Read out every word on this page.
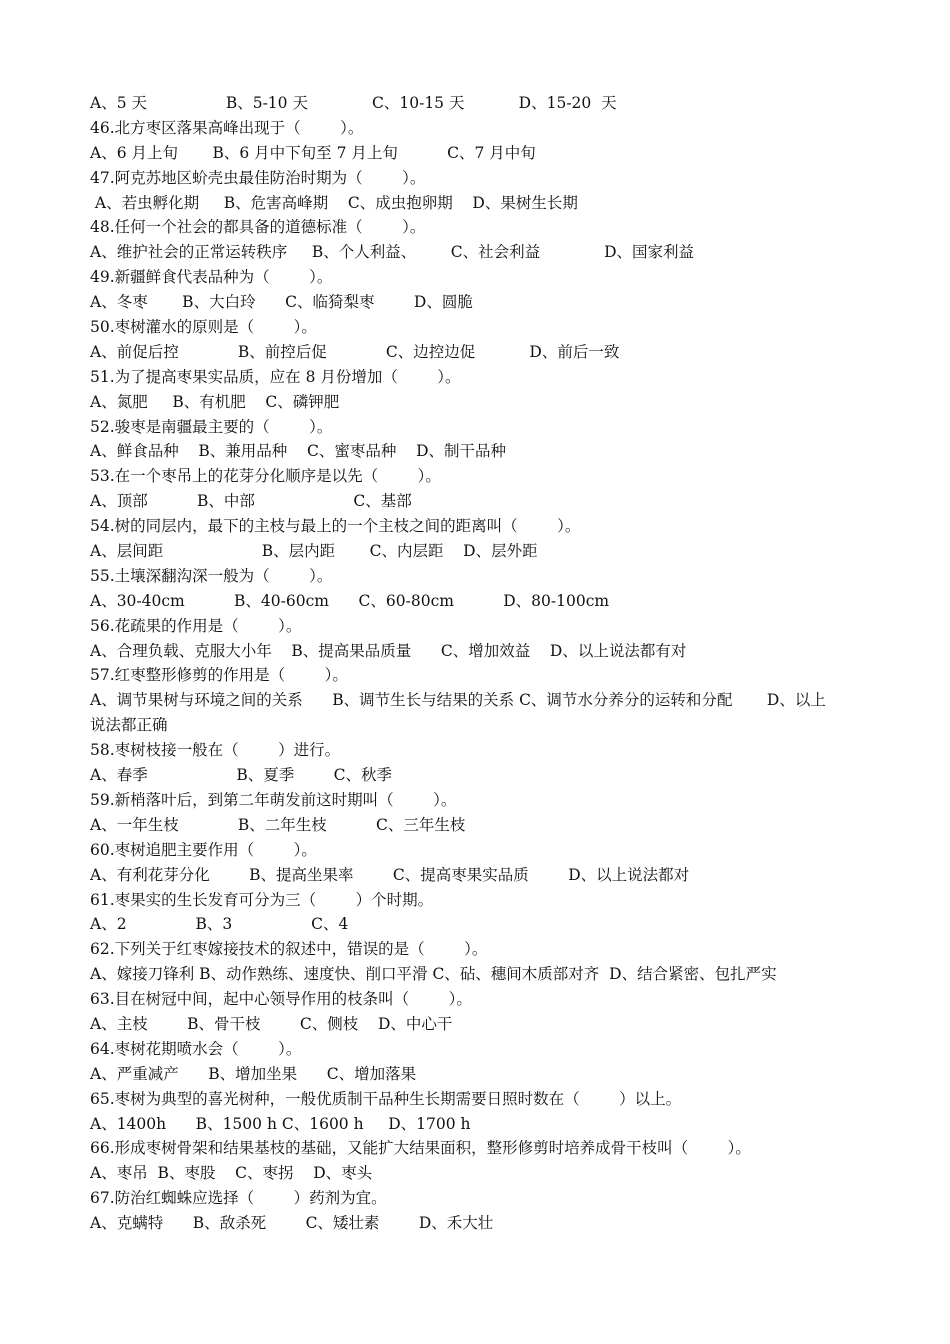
A、5 天                B、5-10 天             C、10-15 天           D、15-20  天
46.北方枣区落果高峰出现于（        ）。
A、6 月上旬       B、6 月中下旬至 7 月上旬          C、7 月中旬
47.阿克苏地区蚧壳虫最佳防治时期为（        ）。
A、若虫孵化期     B、危害高峰期    C、成虫抱卵期    D、果树生长期
48.任何一个社会的都具备的道德标准（        ）。
A、维护社会的正常运转秩序     B、个人利益、       C、社会利益             D、国家利益
49.新疆鲜食代表品种为（        ）。
A、冬枣       B、大白玲      C、临猗梨枣        D、圆脆
50.枣树灌水的原则是（        ）。
A、前促后控            B、前控后促            C、边控边促           D、前后一致
51.为了提高枣果实品质，应在 8 月份增加（        ）。
A、氮肥     B、有机肥    C、磷钾肥
52.骏枣是南疆最主要的（        ）。
A、鲜食品种    B、兼用品种    C、蜜枣品种    D、制干品种
53.在一个枣吊上的花芽分化顺序是以先（        ）。
A、顶部          B、中部                    C、基部
54.树的同层内，最下的主枝与最上的一个主枝之间的距离叫（        ）。
A、层间距                    B、层内距       C、内层距    D、层外距
55.土壤深翻沟深一般为（        ）。
A、30-40cm          B、40-60cm      C、60-80cm          D、80-100cm
56.花疏果的作用是（        ）。
A、合理负载、克服大小年    B、提高果品质量      C、增加效益    D、以上说法都有对
57.红枣整形修剪的作用是（        ）。
A、调节果树与环境之间的关系      B、调节生长与结果的关系 C、调节水分养分的运转和分配       D、以上
说法都正确
58.枣树枝接一般在（        ）进行。
A、春季                  B、夏季        C、秋季
59.新梢落叶后，到第二年萌发前这时期叫（        ）。
A、一年生枝            B、二年生枝          C、三年生枝
60.枣树追肥主要作用（        ）。
A、有利花芽分化        B、提高坐果率        C、提高枣果实品质        D、以上说法都对
61.枣果实的生长发育可分为三（        ）个时期。
A、2              B、3                C、4
62.下列关于红枣嫁接技术的叙述中，错误的是（        ）。
A、嫁接刀锋利 B、动作熟练、速度快、削口平滑 C、砧、穗间木质部对齐  D、结合紧密、包扎严实
63.目在树冠中间，起中心领导作用的枝条叫（        ）。
A、主枝        B、骨干枝        C、侧枝    D、中心干
64.枣树花期喷水会（        ）。
A、严重减产      B、增加坐果      C、增加落果
65.枣树为典型的喜光树种，一般优质制干品种生长期需要日照时数在（        ）以上。
A、1400h      B、1500 h C、1600 h     D、1700 h
66.形成枣树骨架和结果基枝的基础，又能扩大结果面积，整形修剪时培养成骨干枝叫（        ）。
A、枣吊  B、枣股    C、枣拐    D、枣头
67.防治红蜘蛛应选择（        ）药剂为宜。
A、克螨特      B、敌杀死        C、矮壮素        D、禾大壮
